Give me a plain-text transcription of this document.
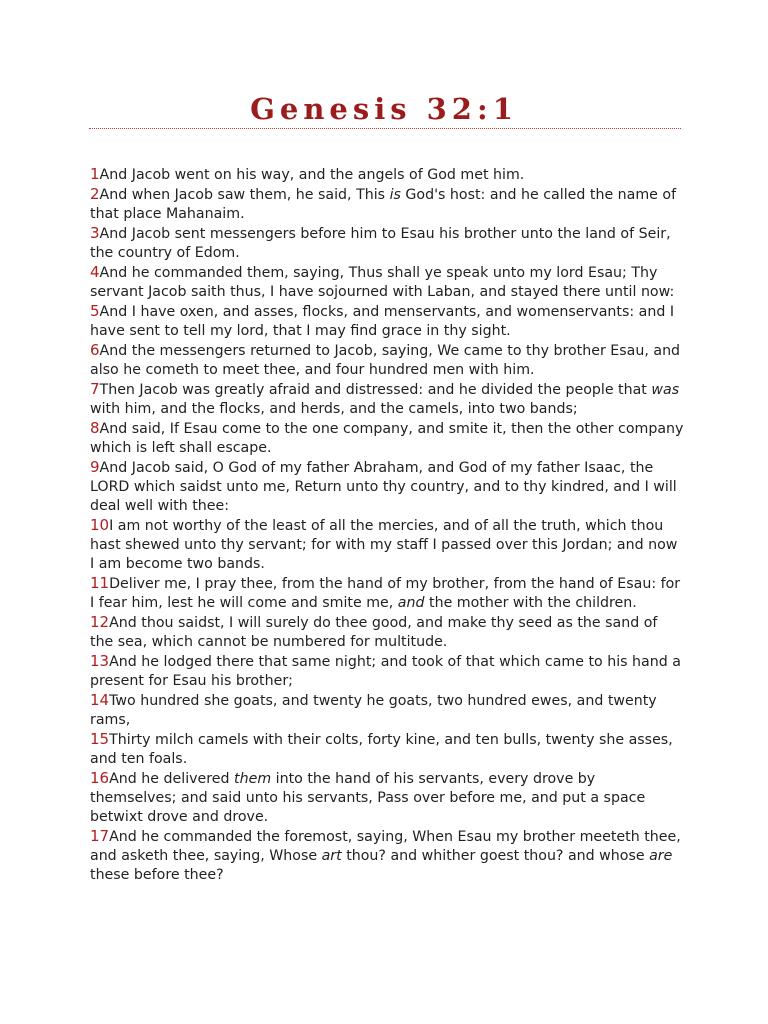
Genesis 32:1

1And Jacob went on his way, and the angels of God met him.

2And when Jacob saw them, he said, This is God's host: and he called the name of that place Mahanaim.

3And Jacob sent messengers before him to Esau his brother unto the land of Seir, the country of Edom.

4And he commanded them, saying, Thus shall ye speak unto my lord Esau; Thy servant Jacob saith thus, I have sojourned with Laban, and stayed there until now:

5And I have oxen, and asses, flocks, and menservants, and womenservants: and I have sent to tell my lord, that I may find grace in thy sight.

6And the messengers returned to Jacob, saying, We came to thy brother Esau, and also he cometh to meet thee, and four hundred men with him.

7Then Jacob was greatly afraid and distressed: and he divided the people that was with him, and the flocks, and herds, and the camels, into two bands;

8And said, If Esau come to the one company, and smite it, then the other company which is left shall escape.

9And Jacob said, O God of my father Abraham, and God of my father Isaac, the LORD which saidst unto me, Return unto thy country, and to thy kindred, and I will deal well with thee:

10I am not worthy of the least of all the mercies, and of all the truth, which thou hast shewed unto thy servant; for with my staff I passed over this Jordan; and now I am become two bands.

11Deliver me, I pray thee, from the hand of my brother, from the hand of Esau: for I fear him, lest he will come and smite me, and the mother with the children.

12And thou saidst, I will surely do thee good, and make thy seed as the sand of the sea, which cannot be numbered for multitude.

13And he lodged there that same night; and took of that which came to his hand a present for Esau his brother;

14Two hundred she goats, and twenty he goats, two hundred ewes, and twenty rams,

15Thirty milch camels with their colts, forty kine, and ten bulls, twenty she asses, and ten foals.

16And he delivered them into the hand of his servants, every drove by themselves; and said unto his servants, Pass over before me, and put a space betwixt drove and drove.

17And he commanded the foremost, saying, When Esau my brother meeteth thee, and asketh thee, saying, Whose art thou? and whither goest thou? and whose are these before thee?
